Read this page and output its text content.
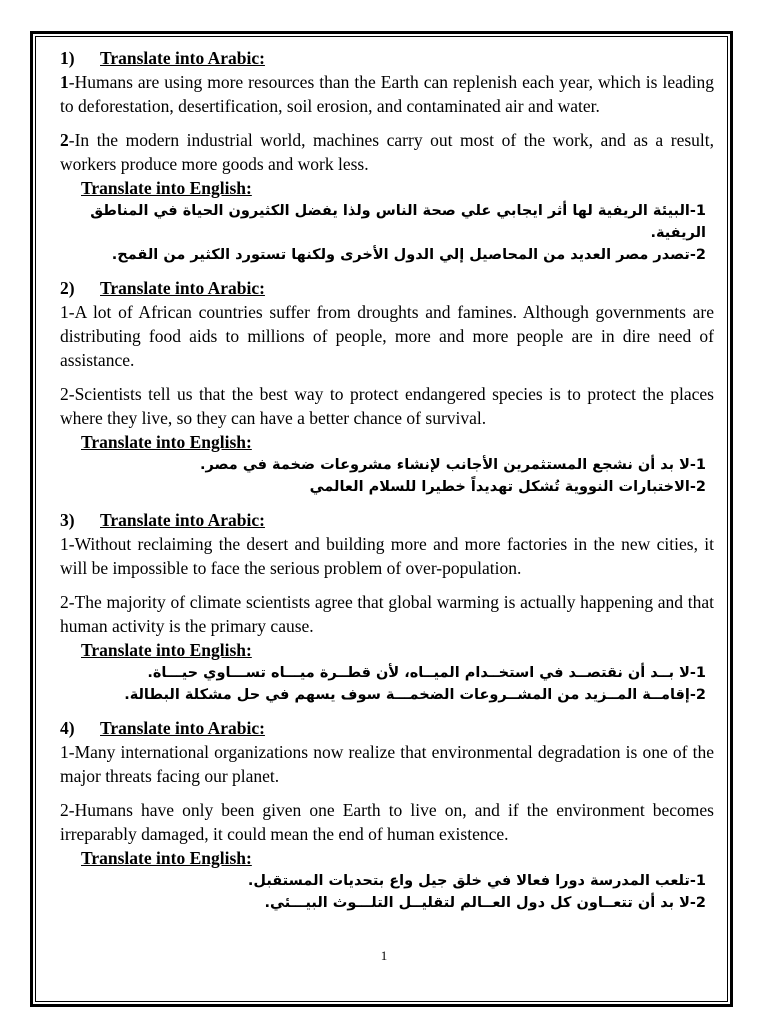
1) Translate into Arabic:

1-Humans are using more resources than the Earth can replenish each year, which is leading to deforestation, desertification, soil erosion, and contaminated air and water.

2-In the modern industrial world, machines carry out most of the work, and as a result, workers produce more goods and work less.

Translate into English:

1-البيئة الريفية لها أثر ايجابي علي صحة الناس ولذا يفضل الكثيرون الحياة في المناطق الريفية.

2-تصدر مصر العديد من المحاصيل إلي الدول الأخرى ولكنها تستورد الكثير من القمح.

2) Translate into Arabic:

1-A lot of African countries suffer from droughts and famines. Although governments are distributing food aids to millions of people, more and more people are in dire need of assistance.

2-Scientists tell us that the best way to protect endangered species is to protect the places where they live, so they can have a better chance of survival.

Translate into English:

1-لا بد أن نشجع المستثمرين الأجانب لإنشاء مشروعات ضخمة في مصر.

2-الاختبارات النووية تُشكل تهديداً خطيرا للسلام العالمي

3) Translate into Arabic:

1-Without reclaiming the desert and building more and more factories in the new cities, it will be impossible to face the serious problem of over-population.

2-The majority of climate scientists agree that global warming is actually happening and that human activity is the primary cause.

Translate into English:

1-لا بــد أن نقتصــد في استخــدام الميــاه، لأن قطــرة ميـــاه تســـاوي حيـــاة.

2-إقامــة المــزيد من المشــروعات الضخمـــة سوف يسهم في حل مشكلة البطالة.

4) Translate into Arabic:

1-Many international organizations now realize that environmental degradation is one of the major threats facing our planet.

2-Humans have only been given one Earth to live on, and if the environment becomes irreparably damaged, it could mean the end of human existence.

Translate into English:

1-تلعب المدرسة دورا فعالا في خلق جيل واع بتحديات المستقبل.

2-لا بد أن تتعــاون كل دول العــالم لتقليــل التلـــوث البيـــئي.

1
